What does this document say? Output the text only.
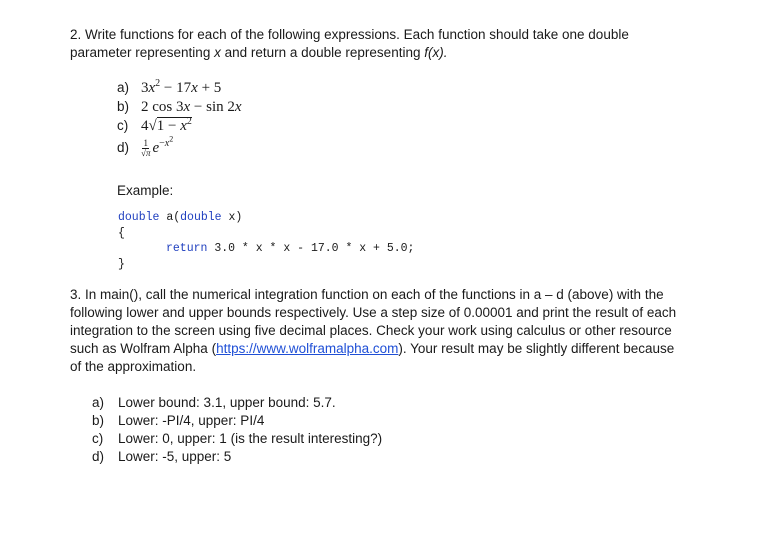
2. Write functions for each of the following expressions. Each function should take one double

parameter representing x and return a double representing f(x).

a) $3x^2 - 17x + 5$
b) 2 cos 3x − sin 2x
c) $4√1 - x^2$
$d) \frac{1}{√\pi} e^{-x^2}$

Example:

double a(double x)
{
return 3.0 * x * x - 17.0 * x + 5.0;
}

3. In main(), call the numerical integration function on each of the functions in a – d (above) with the

following lower and upper bounds respectively. Use a step size of 0.00001 and print the result of each

integration to the screen using five decimal places. Check your work using calculus or other resource

such as Wolfram Alpha (https://www.wolframalpha.com). Your result may be slightly different because

of the approximation.

a) Lower bound: 3.1, upper bound: 5.7.
b) Lower: -PI/4, upper: PI/4
c) Lower: 0, upper: 1 (is the result interesting?)
d) Lower: -5, upper: 5
